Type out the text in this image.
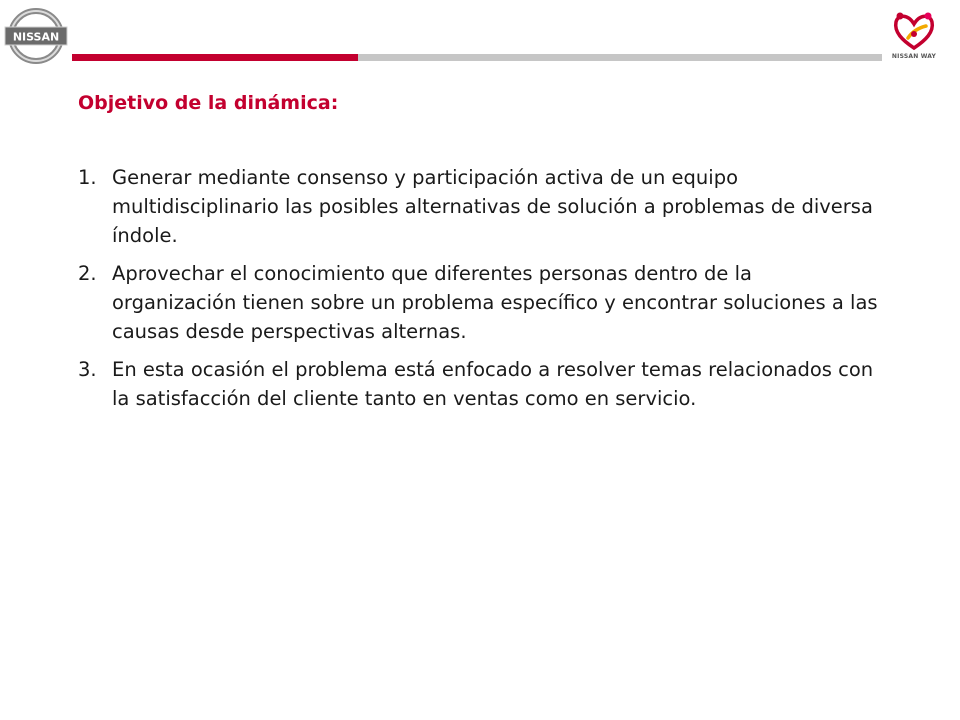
NISSAN
NISSAN WAY
Objetivo de la dinámica:
1. Generar mediante consenso y participación activa de un equipo multidisciplinario las posibles alternativas de solución a problemas de diversa índole.
2. Aprovechar el conocimiento que diferentes personas dentro de la organización tienen sobre un problema específico y encontrar soluciones a las causas desde perspectivas alternas.
3. En esta ocasión el problema está enfocado a resolver temas relacionados con la satisfacción del cliente tanto en ventas como en servicio.
